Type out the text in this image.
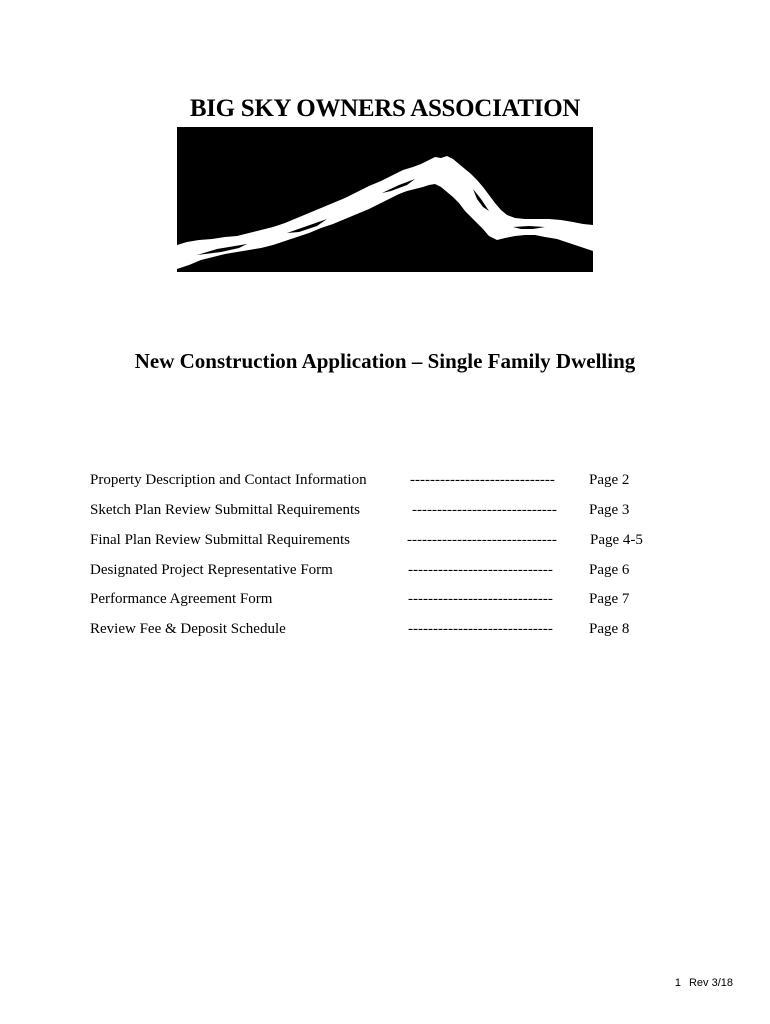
BIG SKY OWNERS ASSOCIATION
New Construction Application – Single Family Dwelling
Property Description and Contact Information	----------------------------- Page 2
Sketch Plan Review Submittal Requirements	----------------------------- Page 3
Final Plan Review Submittal Requirements	------------------------------ Page 4-5
Designated Project Representative Form	----------------------------- Page 6
Performance Agreement Form	----------------------------- Page 7
Review Fee & Deposit Schedule	----------------------------- Page 8
1 Rev 3/18
